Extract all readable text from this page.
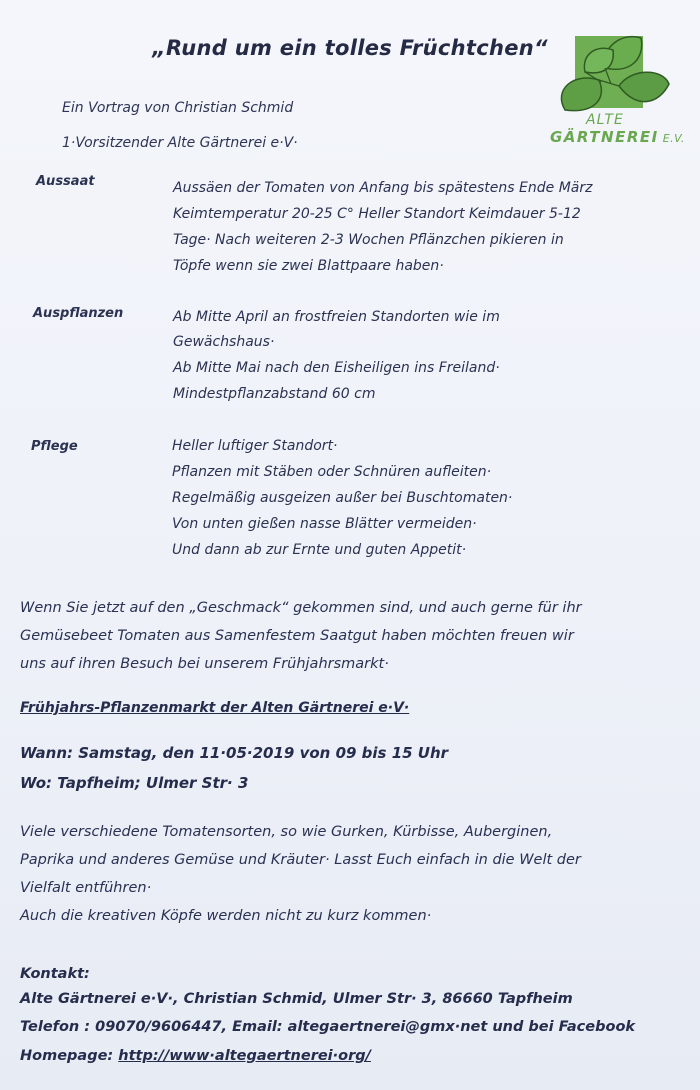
„Rund um ein tolles Früchtchen“
Ein Vortrag von Christian Schmid
1·Vorsitzender Alte Gärtnerei e·V·
ALTE
GÄRTNEREI E.V.
Aussaat	Aussäen der Tomaten von Anfang bis spätestens Ende März
Keimtemperatur 20-25 C° Heller Standort Keimdauer 5-12
Tage· Nach weiteren 2-3 Wochen Pflänzchen pikieren in
Töpfe wenn sie zwei Blattpaare haben·
Auspflanzen	Ab Mitte April an frostfreien Standorten wie im
Gewächshaus·
Ab Mitte Mai nach den Eisheiligen ins Freiland·
Mindestpflanzabstand 60 cm
Pflege	Heller luftiger Standort·
Pflanzen mit Stäben oder Schnüren aufleiten·
Regelmäßig ausgeizen außer bei Buschtomaten·
Von unten gießen nasse Blätter vermeiden·
Und dann ab zur Ernte und guten Appetit·
Wenn Sie jetzt auf den „Geschmack“ gekommen sind, und auch gerne für ihr
Gemüsebeet Tomaten aus Samenfestem Saatgut haben möchten freuen wir
uns auf ihren Besuch bei unserem Frühjahrsmarkt·
Frühjahrs-Pflanzenmarkt der Alten Gärtnerei e·V·
Wann: Samstag, den 11·05·2019 von 09 bis 15 Uhr
Wo: Tapfheim; Ulmer Str· 3
Viele verschiedene Tomatensorten, so wie Gurken, Kürbisse, Auberginen,
Paprika und anderes Gemüse und Kräuter· Lasst Euch einfach in die Welt der
Vielfalt entführen·
Auch die kreativen Köpfe werden nicht zu kurz kommen·
Kontakt:
Alte Gärtnerei e·V·, Christian Schmid, Ulmer Str· 3, 86660 Tapfheim
Telefon : 09070/9606447, Email: altegaertnerei@gmx·net und bei Facebook
Homepage: http://www·altegaertnerei·org/
